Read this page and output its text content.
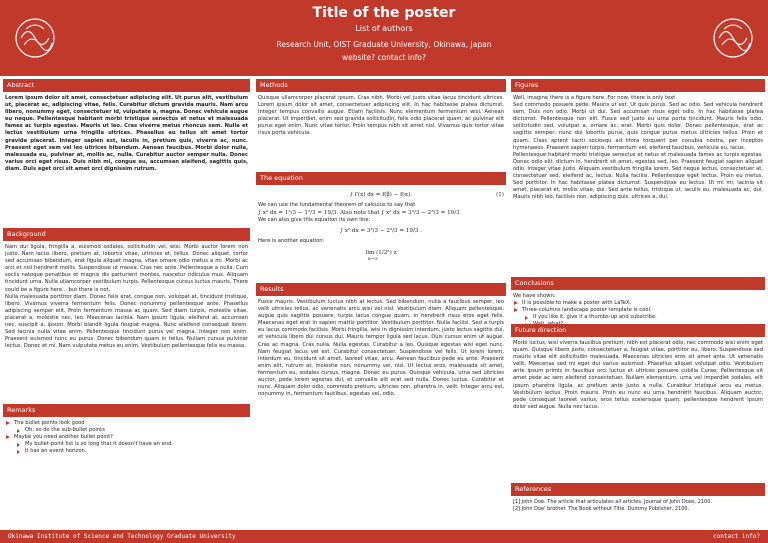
Title of the poster
List of authors
Research Unit, OIST Graduate University, Okinawa, Japan
website? contact info?
Abstract
Lorem ipsum dolor sit amet, consectetuer adipiscing elit. Ut purus elit, vestibulum ut, placerat ac, adipiscing vitae, felis. Curabitur dictum gravida mauris. Nam arcu libero, nonummy eget, consectetuer id, vulputate a, magna. Donec vehicula augue eu neque. Pellentesque habitant morbi tristique senectus et netus et malesuada fames ac turpis egestas. Mauris ut leo. Cras viverra metus rhoncus sem. Nulla et lectus vestibulum urna fringilla ultrices. Phasellus eu tellus sit amet tortor gravida placerat. Integer sapien est, iaculis in, pretium quis, viverra ac, nunc. Praesent eget sem vel leo ultrices bibendum. Aenean faucibus. Morbi dolor nulla, malesuada eu, pulvinar at, mollis ac, nulla. Curabitur auctor semper nulla. Donec varius orci eget risus. Duis nibh mi, congue eu, accumsan eleifend, sagittis quis, diam. Duis eget orci sit amet orci dignissim rutrum.
Background
Nam dui ligula, fringilla a, euismod sodales, sollicitudin vel, wisi. Morbi auctor lorem non justo. Nam lacus libero, pretium at, lobortis vitae, ultricies et, tellus. Donec aliquet, tortor sed accumsan bibendum, erat ligula aliquet magna, vitae ornare odio metus a mi. Morbi ac orci et nisl hendrerit mollis. Suspendisse ut massa. Cras nec ante. Pellentesque a nulla. Cum sociis natoque penatibus et magnis dis parturient montes, nascetur ridiculus mus. Aliquam tincidunt urna. Nulla ullamcorper vestibulum turpis. Pellentesque cursus luctus mauris. There could be a figure here... but there is not.
Nulla malesuada porttitor diam. Donec felis erat, congue non, volutpat at, tincidunt tristique, libero. Vivamus viverra fermentum felis. Donec nonummy pellentesque ante. Phasellus adipiscing semper elit. Proin fermentum massa ac quam. Sed diam turpis, molestie vitae, placerat a, molestie nec, leo. Maecenas lacinia. Nam ipsum ligula, eleifend at, accumsan nec, suscipit a, ipsum. Morbi blandit ligula feugiat magna. Nunc eleifend consequat lorem. Sed lacinia nulla vitae enim. Pellentesque tincidunt purus vel magna. Integer non enim. Praesent euismod nunc eu purus. Donec bibendum quam in tellus. Nullam cursus pulvinar lectus. Donec et mi. Nam vulputate metus eu enim. Vestibulum pellentesque felis eu massa.
Remarks
The bullet points look good
Oh, so do the sub-bullet points
Maybe you need another bullet point?
My bullet-point list is so long that it doesn't have an end.
It has an event horizon.
Methods
Quisque ullamcorper placerat ipsum. Cras nibh. Morbi vel justo vitae lacus tincidunt ultrices. Lorem ipsum dolor sit amet, consectetuer adipiscing elit. In hac habitasse platea dictumst. Integer tempus convallis augue. Etiam facilisis. Nunc elementum fermentum wisi. Aenean placerat. Ut imperdiet, enim sed gravida sollicitudin, felis odio placerat quam, ac pulvinar elit purus eget enim. Nunc vitae tortor. Proin tempus nibh sit amet nisl. Vivamus quis tortor vitae risus porta vehicula.
The equation
∫ f′(x) dx = f(β) − f(α).	(1)
We can use the fundamental theorem of calculus to say that
∫ x² dx = 1³/3 − 1³/3 = 19/3. Also note that ∫ x² dx = 3³/3 − 2³/3 = 19/3
We can also give this equation its own line:
∫ x² dx = 3³/3 − 2³/3 = 19/3 .
Here is another equation:
lim (1/2ⁿ) z
u→∞
Results
Fusce mauris. Vestibulum luctus nibh at lectus. Sed bibendum, nulla a faucibus semper, leo velit ultricies tellus, ac venenatis arcu wisi vel nisl. Vestibulum diam. Aliquam pellentesque, augue quis sagittis posuere, turpis lacus congue quam, in hendrerit risus eros eget felis. Maecenas eget erat in sapien mattis porttitor. Vestibulum porttitor. Nulla facilisi. Sed a turpis eu lacus commodo facilisis. Morbi fringilla, wisi in dignissim interdum, justo lectus sagittis dui, et vehicula libero dui cursus dui. Mauris tempor ligula sed lacus. Duis cursus enim ut augue. Cras ac magna. Cras nulla. Nulla egestas. Curabitur a leo. Quisque egestas wisi eget nunc. Nam feugiat lacus vel est. Curabitur consectetuer. Suspendisse vel felis. Ut lorem lorem, interdum eu, tincidunt sit amet, laoreet vitae, arcu. Aenean faucibus pede eu ante. Praesent enim elit, rutrum at, molestie non, nonummy vel, nisl. Ut lectus eros, malesuada sit amet, fermentum eu, sodales cursus, magna. Donec eu purus. Quisque vehicula, urna sed ultricies auctor, pede lorem egestas dui, et convallis elit erat sed nulla. Donec luctus. Curabitur et nunc. Aliquam dolor odio, commodo pretium, ultricies non, pharetra in, velit. Integer arcu est, nonummy in, fermentum faucibus, egestas vel, odio.
Figures
Well, imagine there is a figure here. For now, there is only text.
Sed commodo posuere pede. Mauris ut est. Ut quis purus. Sed ac odio. Sed vehicula hendrerit sem. Duis non odio. Morbi ut dui. Sed accumsan risus eget odio. In hac habitasse platea dictumst. Pellentesque non elit. Fusce sed justo eu urna porta tincidunt. Mauris felis odio, sollicitudin sed, volutpat a, ornare ac, erat. Morbi quis dolor. Donec pellentesque, erat ac sagittis semper, nunc dui lobortis purus, quis congue purus metus ultricies tellus. Proin et quam. Class aptent taciti sociosqu ad litora torquent per conubia nostra, per inceptos hymenaeos. Praesent sapien turpis, fermentum vel, eleifend faucibus, vehicula eu, lacus.
Pellentesque habitant morbi tristique senectus et netus et malesuada fames ac turpis egestas. Donec odio elit, dictum in, hendrerit sit amet, egestas sed, leo. Praesent feugiat sapien aliquet odio. Integer vitae justo. Aliquam vestibulum fringilla lorem. Sed neque lectus, consectetuer at, consectetuer sed, eleifend ac, lectus. Nulla facilisi. Pellentesque eget lectus. Proin eu metus. Sed porttitor. In hac habitasse platea dictumst. Suspendisse eu lectus. Ut mi mi, lacinia sit amet, placerat et, mollis vitae, dui. Sed ante tellus, tristique ut, iaculis eu, malesuada ac, dui. Mauris nibh leo, facilisis non, adipiscing quis, ultrices a, dui.
Conclusions
We have shown:
It is possible to make a poster with LaTeX.
Three-columns landscape poster template is cool.
If you like it, give it a thumbs-up and subscribe.
Future direction
Morbi luctus, wisi viverra faucibus pretium, nibh est placerat odio, nec commodo wisi enim eget quam. Quisque libero justo, consectetuer a, feugiat vitae, porttitor eu, libero. Suspendisse sed mauris vitae elit sollicitudin malesuada. Maecenas ultricies eros sit amet ante. Ut venenatis velit. Maecenas sed mi eget dui varius euismod. Phasellus aliquet volutpat odio. Vestibulum ante ipsum primis in faucibus orci luctus et ultrices posuere cubilia Curae; Pellentesque sit amet pede ac sem eleifend consectetuer. Nullam elementum, urna vel imperdiet sodales, elit ipsum pharetra ligula, ac pretium ante justo a nulla. Curabitur tristique arcu eu metus. Vestibulum lectus. Proin mauris. Proin eu nunc eu urna hendrerit faucibus. Aliquam auctor, pede consequat laoreet varius, eros tellus scelerisque quam, pellentesque hendrerit ipsum dolor sed augue. Nulla nec lacus.
References
[1] John Doe. The article that articulates all articles. Journal of John Does, 2100.
[2] John Doe' brother. The Book without Title. Dummy Publisher, 2100.
Okinawa Institute of Science and Technology Graduate University	contact info?
